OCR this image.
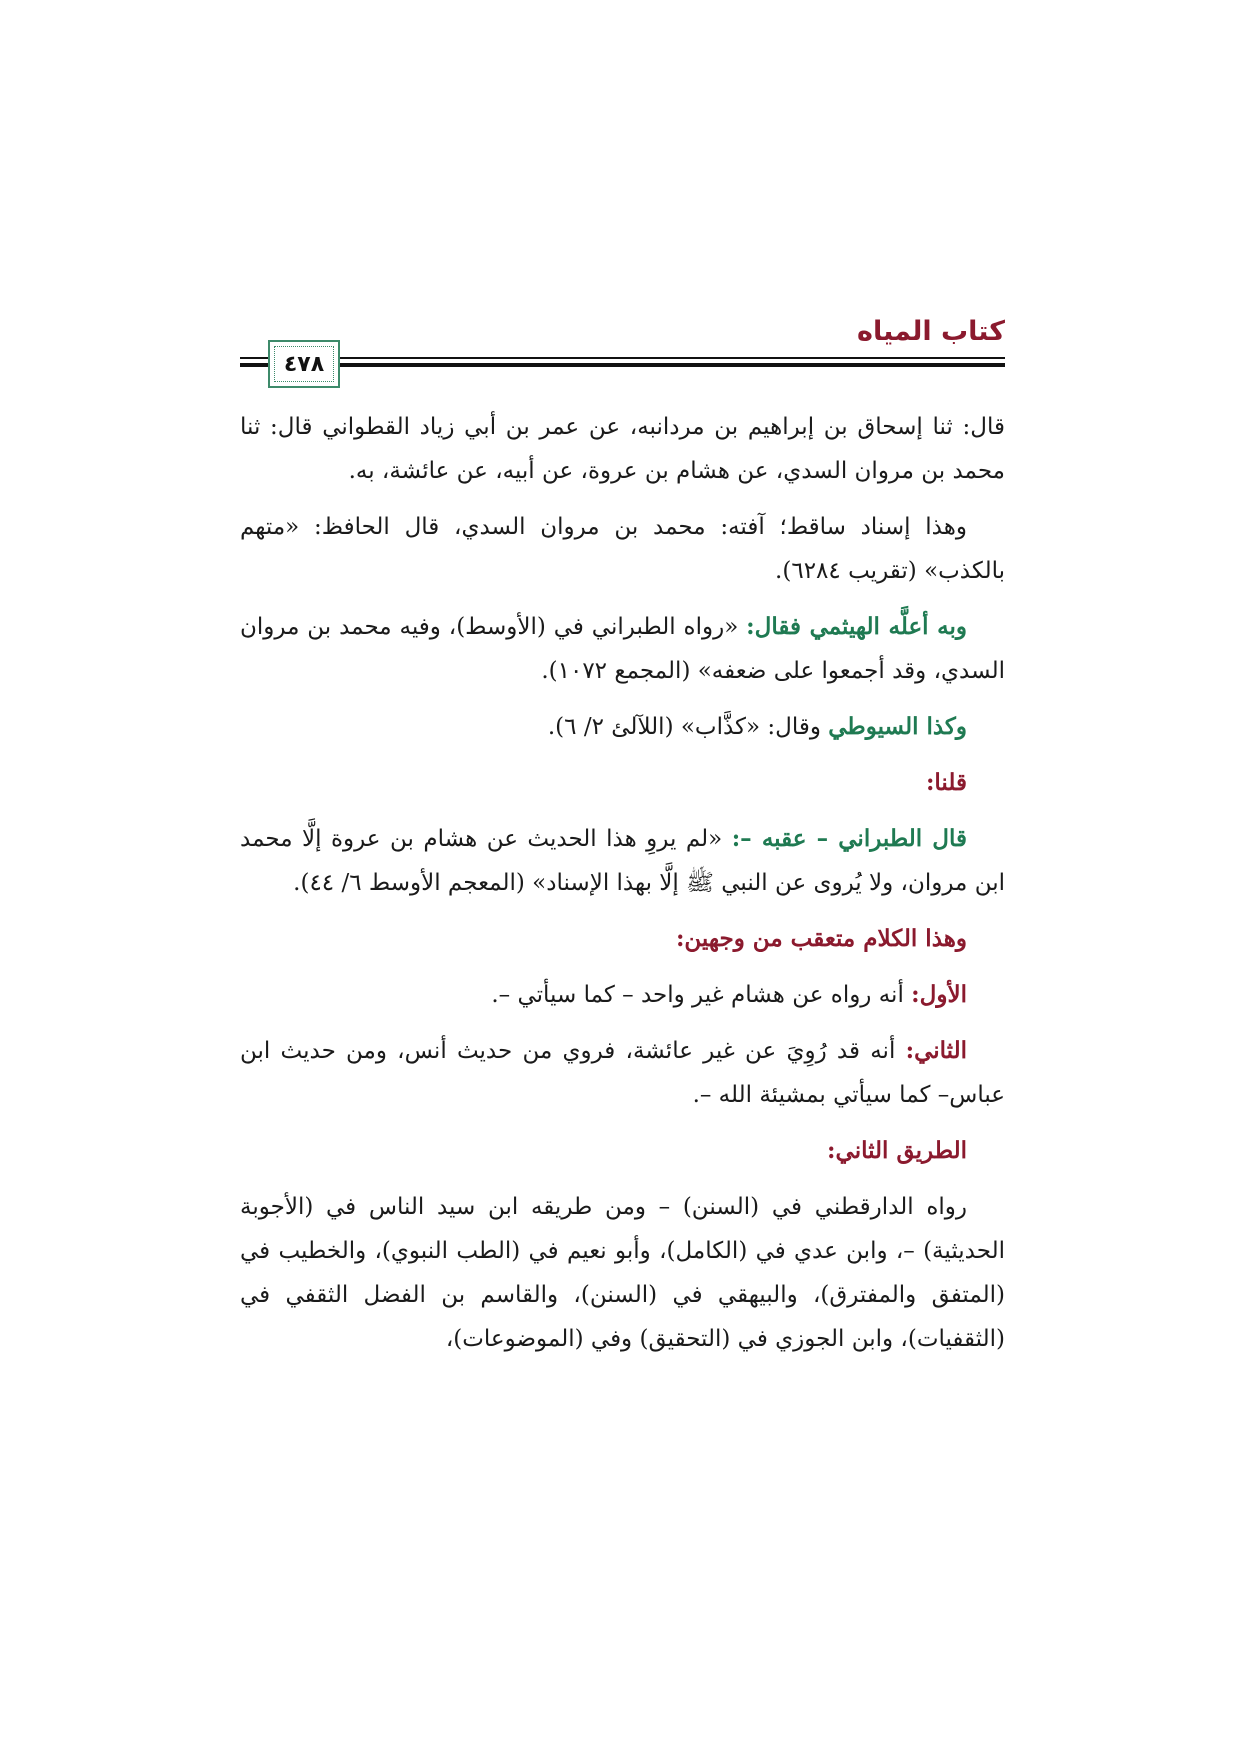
كتاب المياه
٤٧٨

قال: ثنا إسحاق بن إبراهيم بن مردانبه، عن عمر بن أبي زياد القطواني قال: ثنا محمد بن مروان السدي، عن هشام بن عروة، عن أبيه، عن عائشة، به.

وهذا إسناد ساقط؛ آفته: محمد بن مروان السدي، قال الحافظ: «متهم بالكذب» (تقريب ٦٢٨٤).

وبه أعلَّه الهيثمي فقال: «رواه الطبراني في (الأوسط)، وفيه محمد بن مروان السدي، وقد أجمعوا على ضعفه» (المجمع ١٠٧٢).

وكذا السيوطي وقال: «كذَّاب» (اللآلئ ٢/ ٦).

قلنا:

قال الطبراني – عقبه –: «لم يروِ هذا الحديث عن هشام بن عروة إلَّا محمد ابن مروان، ولا يُروى عن النبي ﷺ إلَّا بهذا الإسناد» (المعجم الأوسط ٦/ ٤٤).

وهذا الكلام متعقب من وجهين:

الأول: أنه رواه عن هشام غير واحد – كما سيأتي –.

الثاني: أنه قد رُوِيَ عن غير عائشة، فروي من حديث أنس، ومن حديث ابن عباس– كما سيأتي بمشيئة الله –.

الطريق الثاني:

رواه الدارقطني في (السنن) – ومن طريقه ابن سيد الناس في (الأجوبة الحديثية) –، وابن عدي في (الكامل)، وأبو نعيم في (الطب النبوي)، والخطيب في (المتفق والمفترق)، والبيهقي في (السنن)، والقاسم بن الفضل الثقفي في (الثقفيات)، وابن الجوزي في (التحقيق) وفي (الموضوعات)،
